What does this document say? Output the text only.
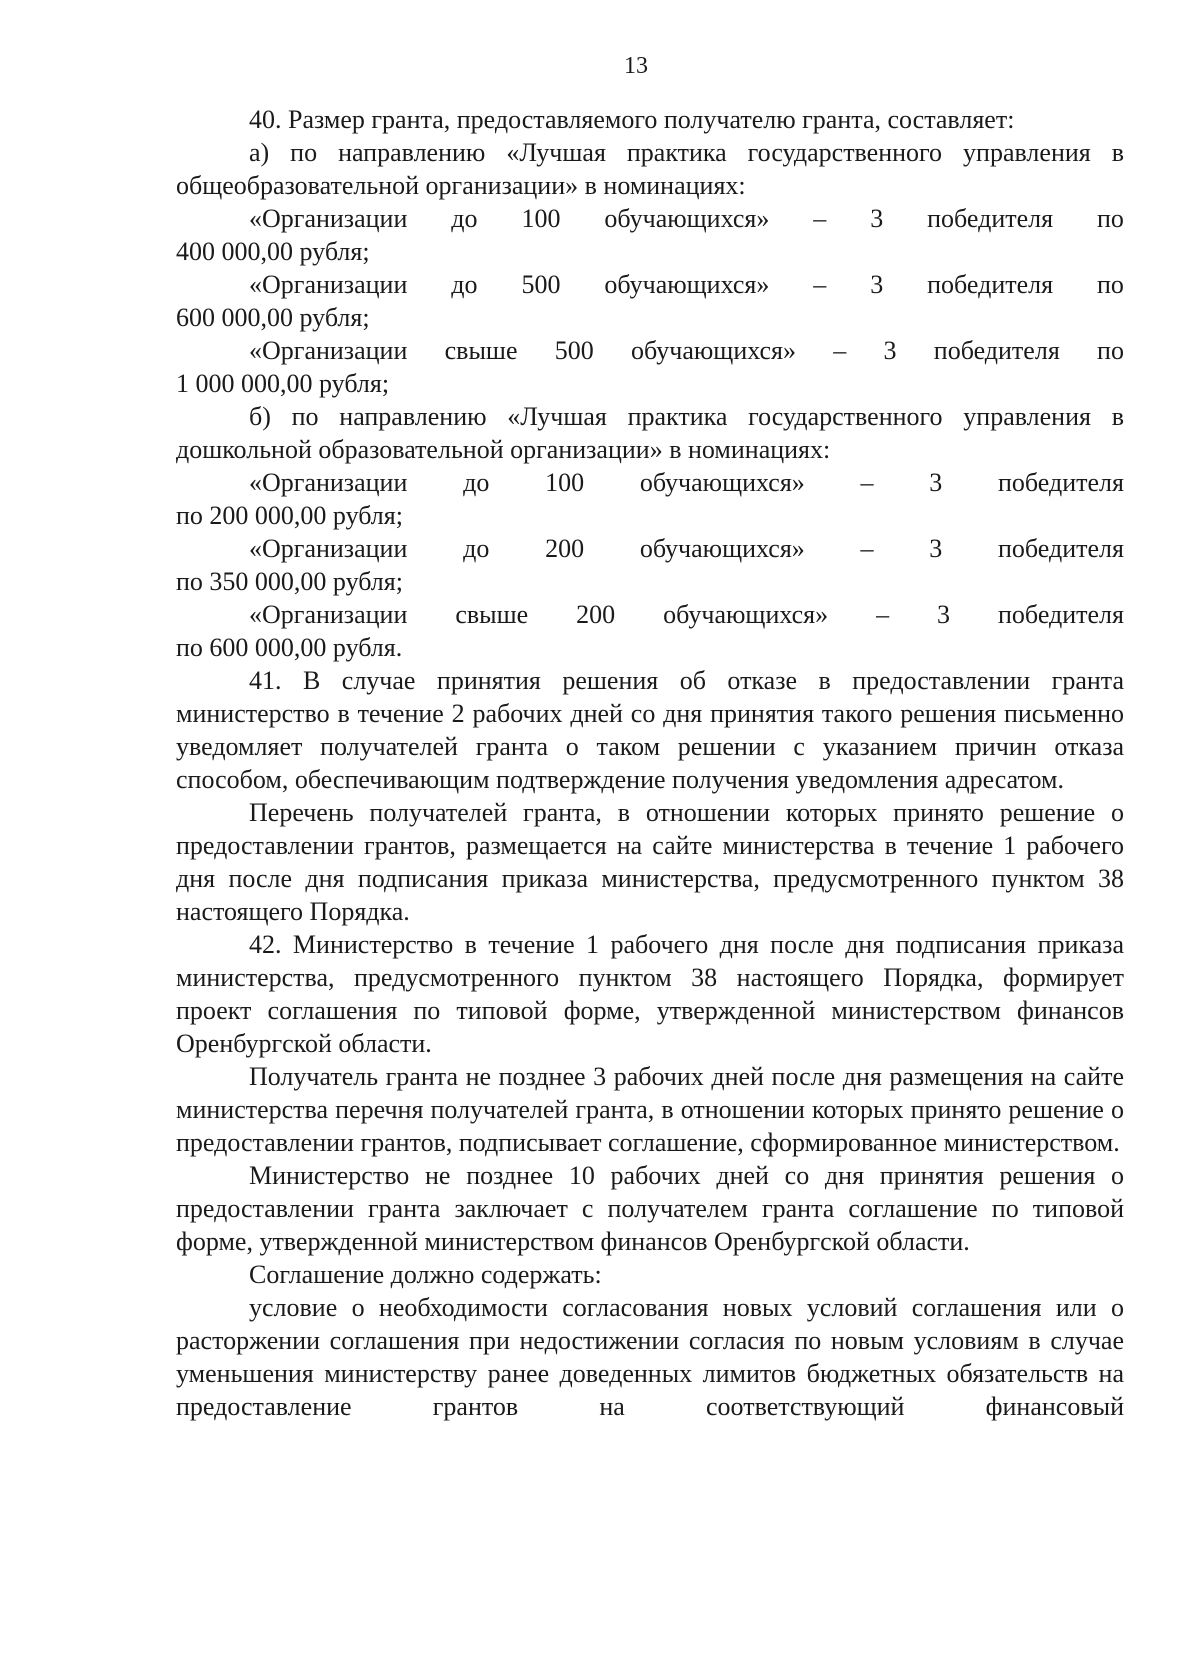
13

40. Размер гранта, предоставляемого получателю гранта, составляет:

а) по направлению «Лучшая практика государственного управления в общеобразовательной организации» в номинациях:

«Организации до 100 обучающихся» – 3 победителя по
400 000,00 рубля;
«Организации до 500 обучающихся» – 3 победителя по
600 000,00 рубля;
«Организации свыше 500 обучающихся» – 3 победителя по
1 000 000,00 рубля;

б) по направлению «Лучшая практика государственного управления в дошкольной образовательной организации» в номинациях:

«Организации до 100 обучающихся» – 3 победителя
по 200 000,00 рубля;
«Организации до 200 обучающихся» – 3 победителя
по 350 000,00 рубля;
«Организации свыше 200 обучающихся» – 3 победителя
по 600 000,00 рубля.

41. В случае принятия решения об отказе в предоставлении гранта министерство в течение 2 рабочих дней со дня принятия такого решения письменно уведомляет получателей гранта о таком решении с указанием причин отказа способом, обеспечивающим подтверждение получения уведомления адресатом.

Перечень получателей гранта, в отношении которых принято решение о предоставлении грантов, размещается на сайте министерства в течение 1 рабочего дня после дня подписания приказа министерства, предусмотренного пунктом 38 настоящего Порядка.

42. Министерство в течение 1 рабочего дня после дня подписания приказа министерства, предусмотренного пунктом 38 настоящего Порядка, формирует проект соглашения по типовой форме, утвержденной министерством финансов Оренбургской области.

Получатель гранта не позднее 3 рабочих дней после дня размещения на сайте министерства перечня получателей гранта, в отношении которых принято решение о предоставлении грантов, подписывает соглашение, сформированное министерством.

Министерство не позднее 10 рабочих дней со дня принятия решения о предоставлении гранта заключает с получателем гранта соглашение по типовой форме, утвержденной министерством финансов Оренбургской области.

Соглашение должно содержать:

условие о необходимости согласования новых условий соглашения или о расторжении соглашения при недостижении согласия по новым условиям в случае уменьшения министерству ранее доведенных лимитов бюджетных обязательств на предоставление грантов на соответствующий финансовый
